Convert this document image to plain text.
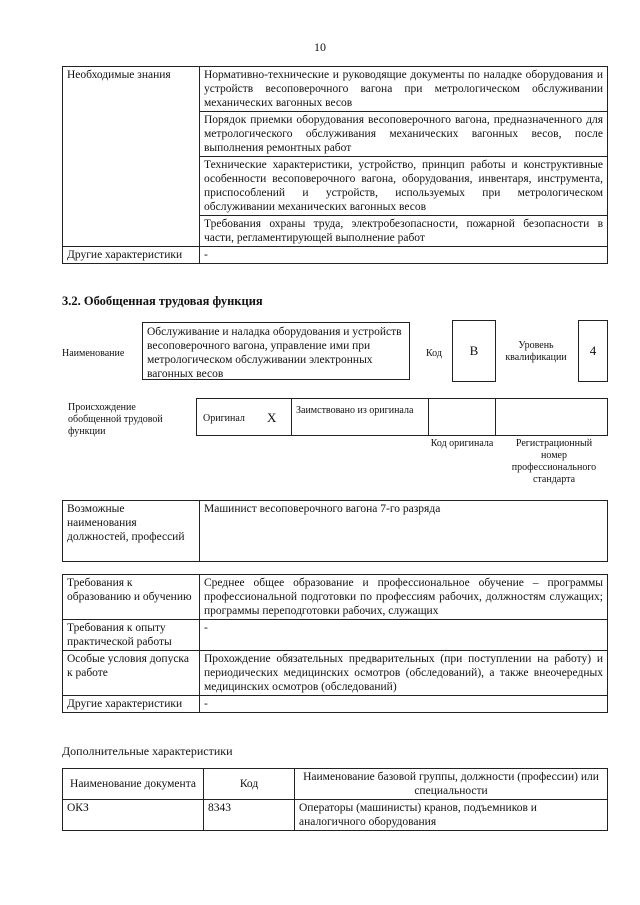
10
Необходимые знания	Нормативно-технические и руководящие документы по наладке оборудования и устройств весоповерочного вагона при метрологическом обслуживании механических вагонных весов
	Порядок приемки оборудования весоповерочного вагона, предназначенного для метрологического обслуживания механических вагонных весов, после выполнения ремонтных работ
	Технические характеристики, устройство, принцип работы и конструктивные особенности весоповерочного вагона, оборудования, инвентаря, инструмента, приспособлений и устройств, используемых при метрологическом обслуживании механических вагонных весов
	Требования охраны труда, электробезопасности, пожарной безопасности в части, регламентирующей выполнение работ
Другие характеристики	-
3.2. Обобщенная трудовая функция
Наименование
Обслуживание и наладка оборудования и устройств весоповерочного вагона, управление ими при метрологическом обслуживании электронных вагонных весов
Код	B	Уровень квалификации	4
Происхождение обобщенной трудовой функции
Оригинал X Заимствовано из оригинала
Код оригинала	Регистрационный номер профессионального стандарта
Возможные наименования должностей, профессий	Машинист весоповерочного вагона 7-го разряда
Требования к образованию и обучению	Среднее общее образование и профессиональное обучение – программы профессиональной подготовки по профессиям рабочих, должностям служащих; программы переподготовки рабочих, служащих
Требования к опыту практической работы	-
Особые условия допуска к работе	Прохождение обязательных предварительных (при поступлении на работу) и периодических медицинских осмотров (обследований), а также внеочередных медицинских осмотров (обследований)
Другие характеристики	-
Дополнительные характеристики
Наименование документа	Код	Наименование базовой группы, должности (профессии) или специальности
ОКЗ	8343	Операторы (машинисты) кранов, подъемников и аналогичного оборудования
